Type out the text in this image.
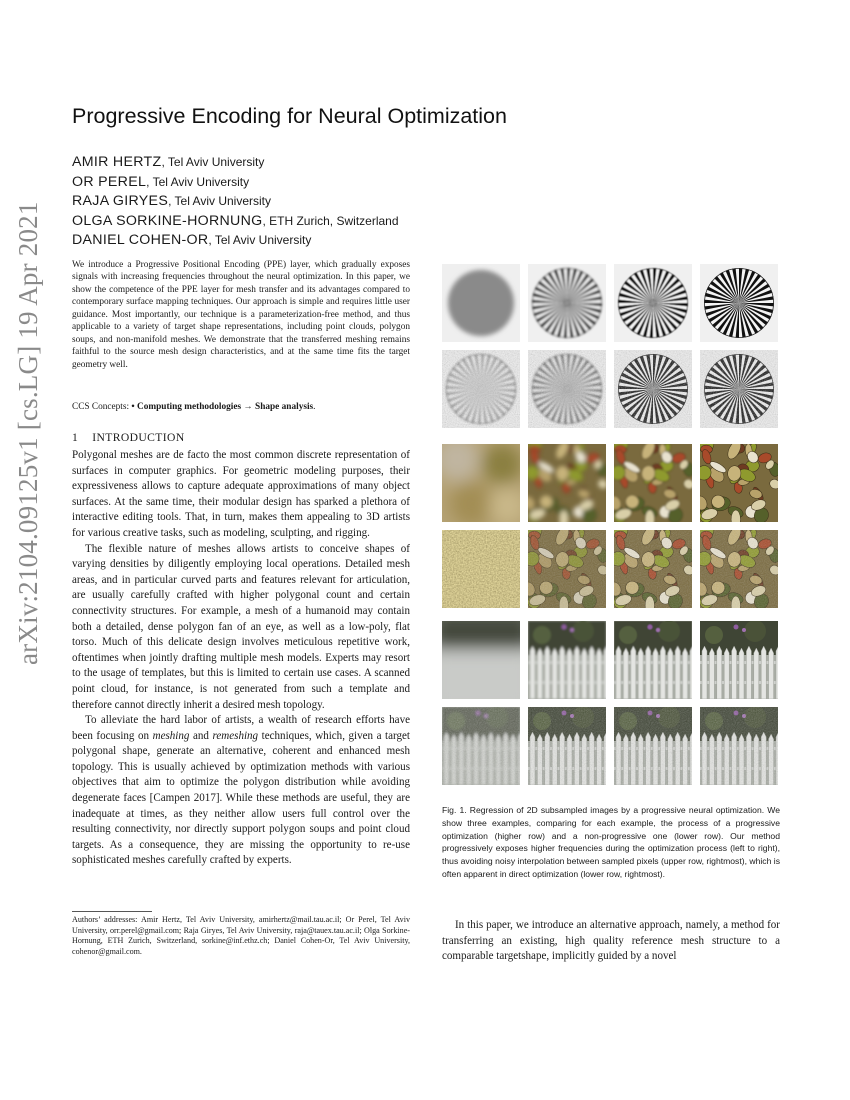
arXiv:2104.09125v1 [cs.LG] 19 Apr 2021
Progressive Encoding for Neural Optimization
AMIR HERTZ, Tel Aviv University
OR PEREL, Tel Aviv University
RAJA GIRYES, Tel Aviv University
OLGA SORKINE-HORNUNG, ETH Zurich, Switzerland
DANIEL COHEN-OR, Tel Aviv University
We introduce a Progressive Positional Encoding (PPE) layer, which gradually exposes signals with increasing frequencies throughout the neural optimization. In this paper, we show the competence of the PPE layer for mesh transfer and its advantages compared to contemporary surface mapping techniques. Our approach is simple and requires little user guidance. Most importantly, our technique is a parameterization-free method, and thus applicable to a variety of target shape representations, including point clouds, polygon soups, and non-manifold meshes. We demonstrate that the transferred meshing remains faithful to the source mesh design characteristics, and at the same time fits the target geometry well.
CCS Concepts: • Computing methodologies → Shape analysis.
1 INTRODUCTION

Polygonal meshes are de facto the most common discrete representation of surfaces in computer graphics. For geometric modeling purposes, their expressiveness allows to capture adequate approximations of many object surfaces. At the same time, their modular design has sparked a plethora of interactive editing tools. That, in turn, makes them appealing to 3D artists for various creative tasks, such as modeling, sculpting, and rigging.

The flexible nature of meshes allows artists to conceive shapes of varying densities by diligently employing local operations. Detailed mesh areas, and in particular curved parts and features relevant for articulation, are usually carefully crafted with higher polygonal count and certain connectivity structures. For example, a mesh of a humanoid may contain both a detailed, dense polygon fan of an eye, as well as a low-poly, flat torso. Much of this delicate design involves meticulous repetitive work, oftentimes when jointly drafting multiple mesh models. Experts may resort to the usage of templates, but this is limited to certain use cases. A scanned point cloud, for instance, is not generated from such a template and therefore cannot directly inherit a desired mesh topology.

To alleviate the hard labor of artists, a wealth of research efforts have been focusing on meshing and remeshing techniques, which, given a target polygonal shape, generate an alternative, coherent and enhanced mesh topology. This is usually achieved by optimization methods with various objectives that aim to optimize the polygon distribution while avoiding degenerate faces [Campen 2017]. While these methods are useful, they are inadequate at times, as they neither allow users full control over the resulting connectivity, nor directly support polygon soups and point cloud targets. As a consequence, they are missing the opportunity to re-use sophisticated meshes carefully crafted by experts.

Authors’ addresses: Amir Hertz, Tel Aviv University, amirhertz@mail.tau.ac.il; Or Perel, Tel Aviv University, orr.perel@gmail.com; Raja Giryes, Tel Aviv University, raja@tauex.tau.ac.il; Olga Sorkine-Hornung, ETH Zurich, Switzerland, sorkine@inf.ethz.ch; Daniel Cohen-Or, Tel Aviv University, cohenor@gmail.com.
Fig. 1. Regression of 2D subsampled images by a progressive neural optimization. We show three examples, comparing for each example, the process of a progressive optimization (higher row) and a non-progressive one (lower row). Our method progressively exposes higher frequencies during the optimization process (left to right), thus avoiding noisy interpolation between sampled pixels (upper row, rightmost), which is often apparent in direct optimization (lower row, rightmost).
In this paper, we introduce an alternative approach, namely, a method for transferring an existing, high quality reference mesh structure to a comparable targetshape, implicitly guided by a novel
